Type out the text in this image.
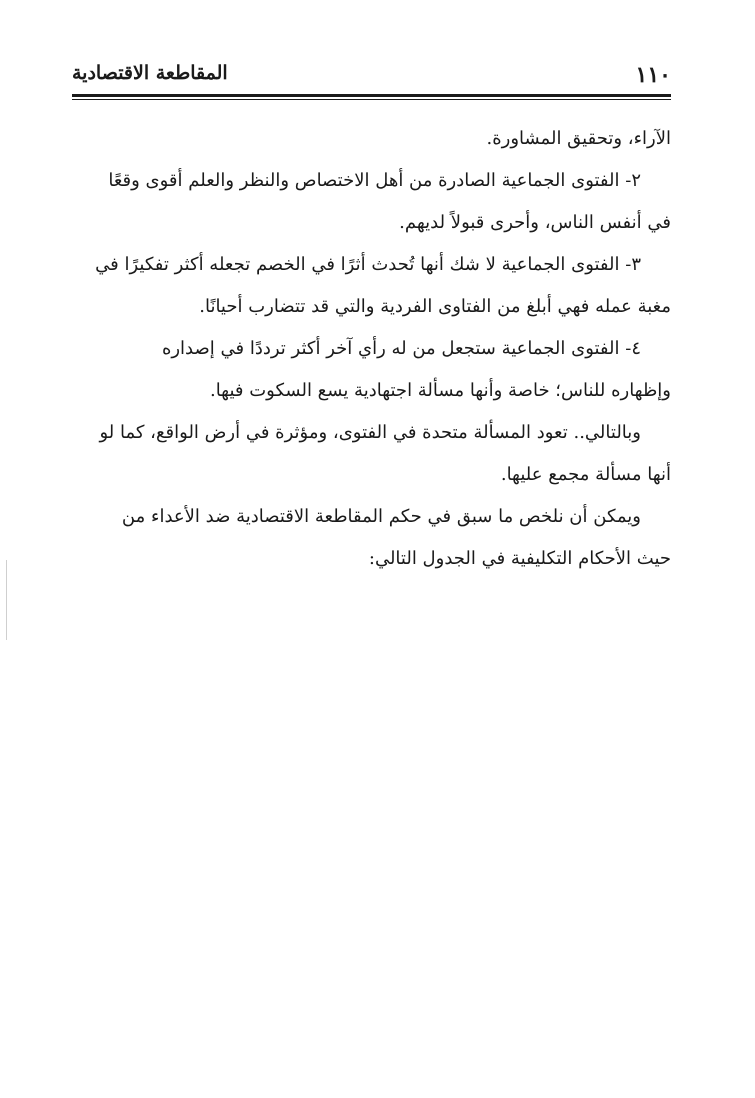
١١٠
المقاطعة الاقتصادية
الآراء، وتحقيق المشاورة.
٢- الفتوى الجماعية الصادرة من أهل الاختصاص والنظر والعلم أقوى وقعًا
في أنفس الناس، وأحرى قبولاً لديهم.
٣- الفتوى الجماعية لا شك أنها تُحدث أثرًا في الخصم تجعله أكثر تفكيرًا في
مغبة عمله فهي أبلغ من الفتاوى الفردية والتي قد تتضارب أحيانًا.
٤- الفتوى الجماعية ستجعل من له رأي آخر أكثر ترددًا في إصداره
وإظهاره للناس؛ خاصة وأنها مسألة اجتهادية يسع السكوت فيها.
وبالتالي.. تعود المسألة متحدة في الفتوى، ومؤثرة في أرض الواقع، كما لو
أنها مسألة مجمع عليها.
ويمكن أن نلخص ما سبق في حكم المقاطعة الاقتصادية ضد الأعداء من
حيث الأحكام التكليفية في الجدول التالي:
